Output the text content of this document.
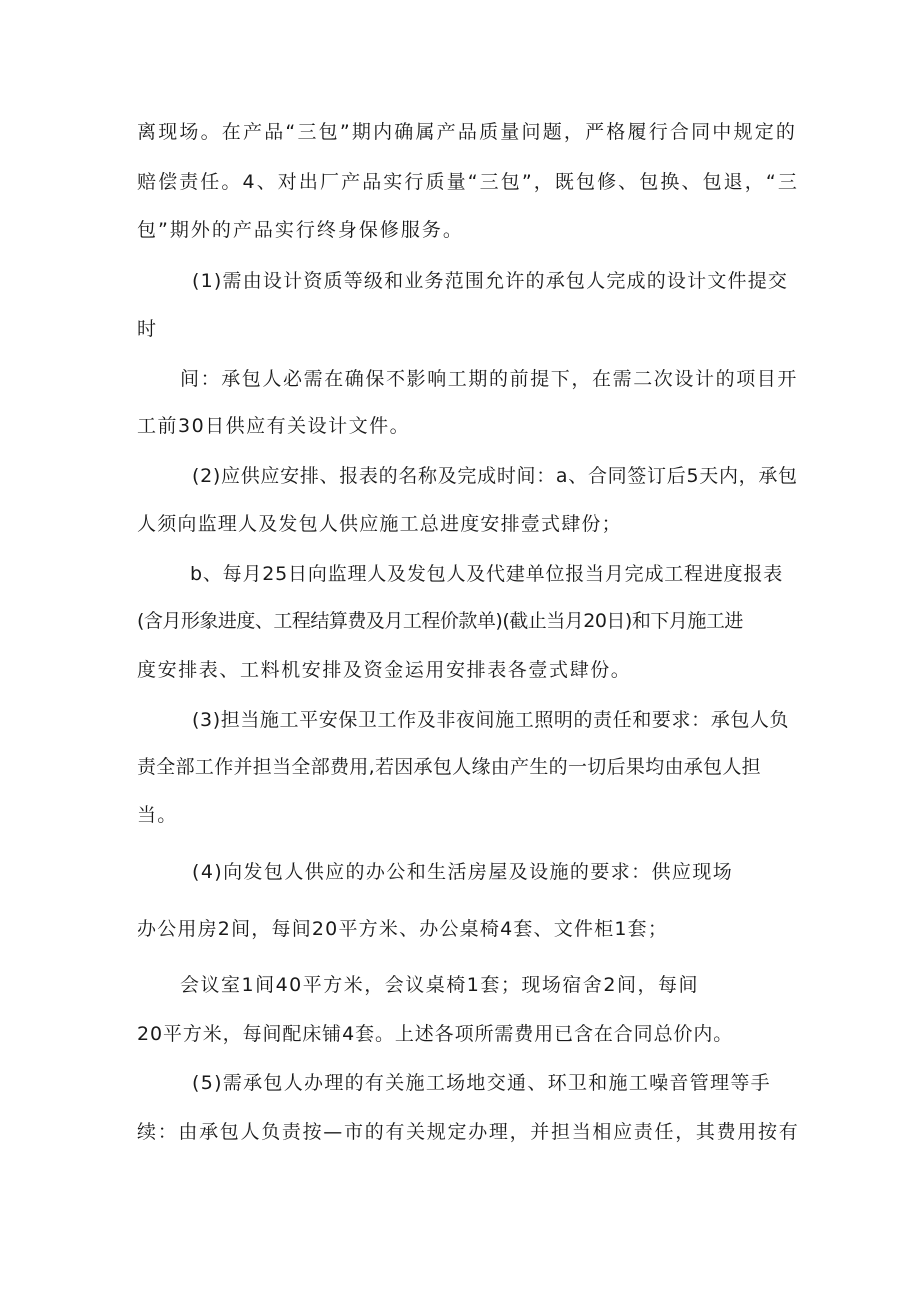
离现场。在产品“三包”期内确属产品质量问题，严格履行合同中规定的
赔偿责任。4、对出厂产品实行质量“三包”，既包修、包换、包退，“三
包”期外的产品实行终身保修服务。
(1)需由设计资质等级和业务范围允许的承包人完成的设计文件提交
时
间：承包人必需在确保不影响工期的前提下，在需二次设计的项目开
工前30日供应有关设计文件。
(2)应供应安排、报表的名称及完成时间：a、合同签订后5天内，承包
人须向监理人及发包人供应施工总进度安排壹式肆份；
b、每月25日向监理人及发包人及代建单位报当月完成工程进度报表
(含月形象进度、工程结算费及月工程价款单)(截止当月20日)和下月施工进
度安排表、工料机安排及资金运用安排表各壹式肆份。
(3)担当施工平安保卫工作及非夜间施工照明的责任和要求：承包人负
责全部工作并担当全部费用,若因承包人缘由产生的一切后果均由承包人担
当。
(4)向发包人供应的办公和生活房屋及设施的要求：供应现场
办公用房2间，每间20平方米、办公桌椅4套、文件柜1套；
会议室1间40平方米，会议桌椅1套；现场宿舍2间，每间
20平方米，每间配床铺4套。上述各项所需费用已含在合同总价内。
(5)需承包人办理的有关施工场地交通、环卫和施工噪音管理等手
续：由承包人负责按—市的有关规定办理，并担当相应责任，其费用按有
